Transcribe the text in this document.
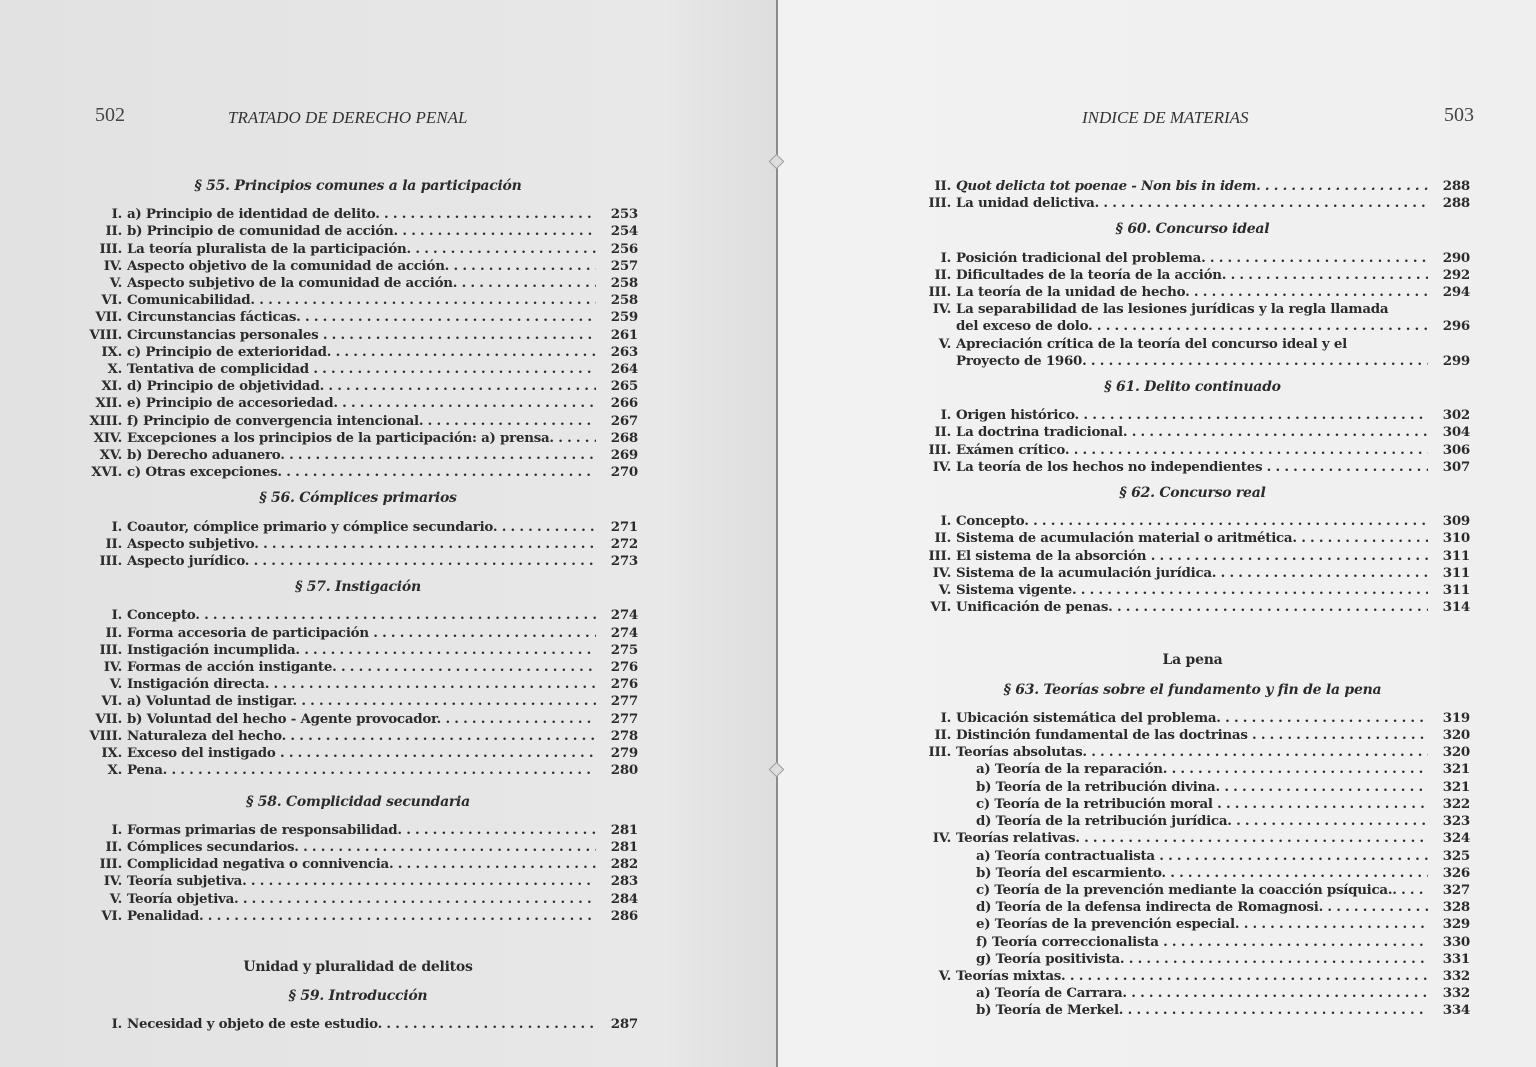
502	TRATADO DE DERECHO PENAL	INDICE DE MATERIAS	503
§ 55. Principios comunes a la participación
I. a) Principio de identidad de delito. . . .	253
II. b) Principio de comunidad de acción. . . .	254
III. La teoría pluralista de la participación. . . .	256
IV. Aspecto objetivo de la comunidad de acción. . . .	257
V. Aspecto subjetivo de la comunidad de acción. . . .	258
VI. Comunicabilidad. . . .	258
VII. Circunstancias fácticas. . . .	259
VIII. Circunstancias personales . . .	261
IX. c) Principio de exterioridad. . . .	263
X. Tentativa de complicidad . . .	264
XI. d) Principio de objetividad. . . .	265
XII. e) Principio de accesoriedad. . . .	266
XIII. f) Principio de convergencia intencional. . . .	267
XIV. Excepciones a los principios de la participación: a) prensa. . . .	268
XV. b) Derecho aduanero. . . .	269
XVI. c) Otras excepciones. . . .	270
§ 56. Cómplices primarios
I. Coautor, cómplice primario y cómplice secundario. . . .	271
II. Aspecto subjetivo. . . .	272
III. Aspecto jurídico. . . .	273
§ 57. Instigación
I. Concepto. . . .	274
II. Forma accesoria de participación . . .	274
III. Instigación incumplida. . . .	275
IV. Formas de acción instigante. . . .	276
V. Instigación directa. . . .	276
VI. a) Voluntad de instigar. . . .	277
VII. b) Voluntad del hecho - Agente provocador. . . .	277
VIII. Naturaleza del hecho. . . .	278
IX. Exceso del instigado . . .	279
X. Pena. . . .	280
§ 58. Complicidad secundaria
I. Formas primarias de responsabilidad. . . .	281
II. Cómplices secundarios. . . .	281
III. Complicidad negativa o connivencia. . . .	282
IV. Teoría subjetiva. . . .	283
V. Teoría objetiva. . . .	284
VI. Penalidad. . . .	286
Unidad y pluralidad de delitos
§ 59. Introducción
I. Necesidad y objeto de este estudio. . . .	287
II. Quot delicta tot poenae - Non bis in idem. . . .	288
III. La unidad delictiva. . . .	288
§ 60. Concurso ideal
I. Posición tradicional del problema. . . .	290
II. Dificultades de la teoría de la acción. . . .	292
III. La teoría de la unidad de hecho. . . .	294
IV. La separabilidad de las lesiones jurídicas y la regla llamada
del exceso de dolo. . . .	296
V. Apreciación crítica de la teoría del concurso ideal y el
Proyecto de 1960. . . .	299
§ 61. Delito continuado
I. Origen histórico. . . .	302
II. La doctrina tradicional. . . .	304
III. Exámen crítico. . . .	306
IV. La teoría de los hechos no independientes . . .	307
§ 62. Concurso real
I. Concepto. . . .	309
II. Sistema de acumulación material o aritmética. . . .	310
III. El sistema de la absorción . . .	311
IV. Sistema de la acumulación jurídica. . . .	311
V. Sistema vigente. . . .	311
VI. Unificación de penas. . . .	314
La pena
§ 63. Teorías sobre el fundamento y fin de la pena
I. Ubicación sistemática del problema. . . .	319
II. Distinción fundamental de las doctrinas . . .	320
III. Teorías absolutas. . . .	320
a) Teoría de la reparación. . . .	321
b) Teoría de la retribución divina. . . .	321
c) Teoría de la retribución moral . . .	322
d) Teoría de la retribución jurídica. . . .	323
IV. Teorías relativas. . . .	324
a) Teoría contractualista . . .	325
b) Teoría del escarmiento. . . .	326
c) Teoría de la prevención mediante la coacción psíquica.. . . .	327
d) Teoría de la defensa indirecta de Romagnosi. . . .	328
e) Teorías de la prevención especial. . . .	329
f) Teoría correccionalista . . .	330
g) Teoría positivista. . . .	331
V. Teorías mixtas. . . .	332
a) Teoría de Carrara. . . .	332
b) Teoría de Merkel. . . .	334
